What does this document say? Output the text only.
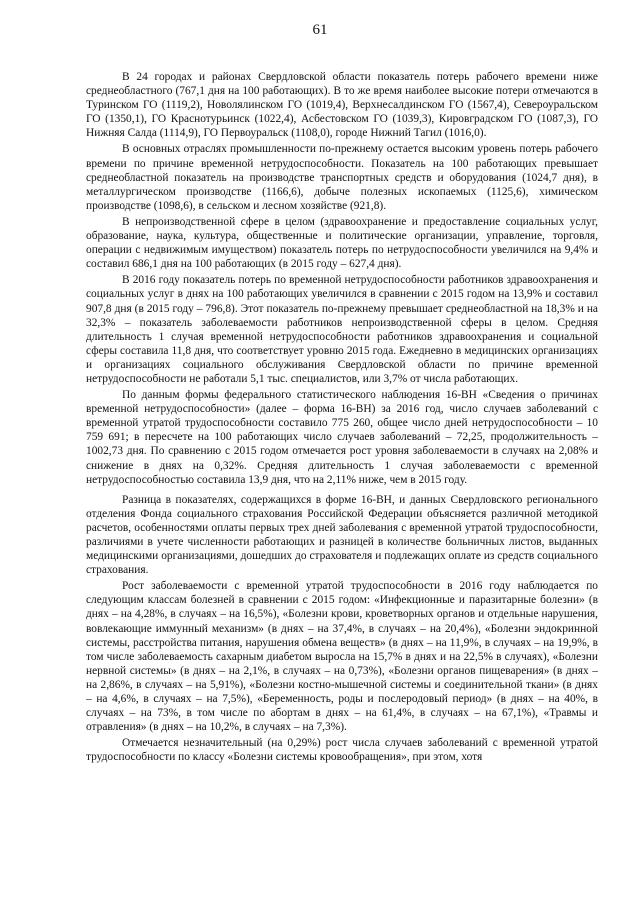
61

В 24 городах и районах Свердловской области показатель потерь рабочего времени ниже среднеобластного (767,1 дня на 100 работающих). В то же время наиболее высокие потери отмечаются в Туринском ГО (1119,2), Новолялинском ГО (1019,4), Верхнесалдинском ГО (1567,4), Североуральском ГО (1350,1), ГО Краснотурьинск (1022,4), Асбестовском ГО (1039,3), Кировградском ГО (1087,3), ГО Нижняя Салда (1114,9), ГО Первоуральск (1108,0), городе Нижний Тагил (1016,0).

В основных отраслях промышленности по-прежнему остается высоким уровень потерь рабочего времени по причине временной нетрудоспособности. Показатель на 100 работающих превышает среднеобластной показатель на производстве транспортных средств и оборудования (1024,7 дня), в металлургическом производстве (1166,6), добыче полезных ископаемых (1125,6), химическом производстве (1098,6), в сельском и лесном хозяйстве (921,8).

В непроизводственной сфере в целом (здравоохранение и предоставление социальных услуг, образование, наука, культура, общественные и политические организации, управление, торговля, операции с недвижимым имуществом) показатель потерь по нетрудоспособности увеличился на 9,4% и составил 686,1 дня на 100 работающих (в 2015 году – 627,4 дня).

В 2016 году показатель потерь по временной нетрудоспособности работников здравоохранения и социальных услуг в днях на 100 работающих увеличился в сравнении с 2015 годом на 13,9% и составил 907,8 дня (в 2015 году – 796,8). Этот показатель по-прежнему превышает среднеобластной на 18,3% и на 32,3% – показатель заболеваемости работников непроизводственной сферы в целом. Средняя длительность 1 случая временной нетрудоспособности работников здравоохранения и социальной сферы составила 11,8 дня, что соответствует уровню 2015 года. Ежедневно в медицинских организациях и организациях социального обслуживания Свердловской области по причине временной нетрудоспособности не работали 5,1 тыс. специалистов, или 3,7% от числа работающих.

По данным формы федерального статистического наблюдения 16-ВН «Сведения о причинах временной нетрудоспособности» (далее – форма 16-ВН) за 2016 год, число случаев заболеваний с временной утратой трудоспособности составило 775 260, общее число дней нетрудоспособности – 10 759 691; в пересчете на 100 работающих число случаев заболеваний – 72,25, продолжительность – 1002,73 дня. По сравнению с 2015 годом отмечается рост уровня заболеваемости в случаях на 2,08% и снижение в днях на 0,32%. Средняя длительность 1 случая заболеваемости с временной нетрудоспособностью составила 13,9 дня, что на 2,11% ниже, чем в 2015 году.

Разница в показателях, содержащихся в форме 16-ВН, и данных Свердловского регионального отделения Фонда социального страхования Российской Федерации объясняется различной методикой расчетов, особенностями оплаты первых трех дней заболевания с временной утратой трудоспособности, различиями в учете численности работающих и разницей в количестве больничных листов, выданных медицинскими организациями, дошедших до страхователя и подлежащих оплате из средств социального страхования.

Рост заболеваемости с временной утратой трудоспособности в 2016 году наблюдается по следующим классам болезней в сравнении с 2015 годом: «Инфекционные и паразитарные болезни» (в днях – на 4,28%, в случаях – на 16,5%), «Болезни крови, кроветворных органов и отдельные нарушения, вовлекающие иммунный механизм» (в днях – на 37,4%, в случаях – на 20,4%), «Болезни эндокринной системы, расстройства питания, нарушения обмена веществ» (в днях – на 11,9%, в случаях – на 19,9%, в том числе заболеваемость сахарным диабетом выросла на 15,7% в днях и на 22,5% в случаях), «Болезни нервной системы» (в днях – на 2,1%, в случаях – на 0,73%), «Болезни органов пищеварения» (в днях – на 2,86%, в случаях – на 5,91%), «Болезни костно-мышечной системы и соединительной ткани» (в днях – на 4,6%, в случаях – на 7,5%), «Беременность, роды и послеродовый период» (в днях – на 40%, в случаях – на 73%, в том числе по абортам в днях – на 61,4%, в случаях – на 67,1%), «Травмы и отравления» (в днях – на 10,2%, в случаях – на 7,3%).

Отмечается незначительный (на 0,29%) рост числа случаев заболеваний с временной утратой трудоспособности по классу «Болезни системы кровообращения», при этом, хотя
